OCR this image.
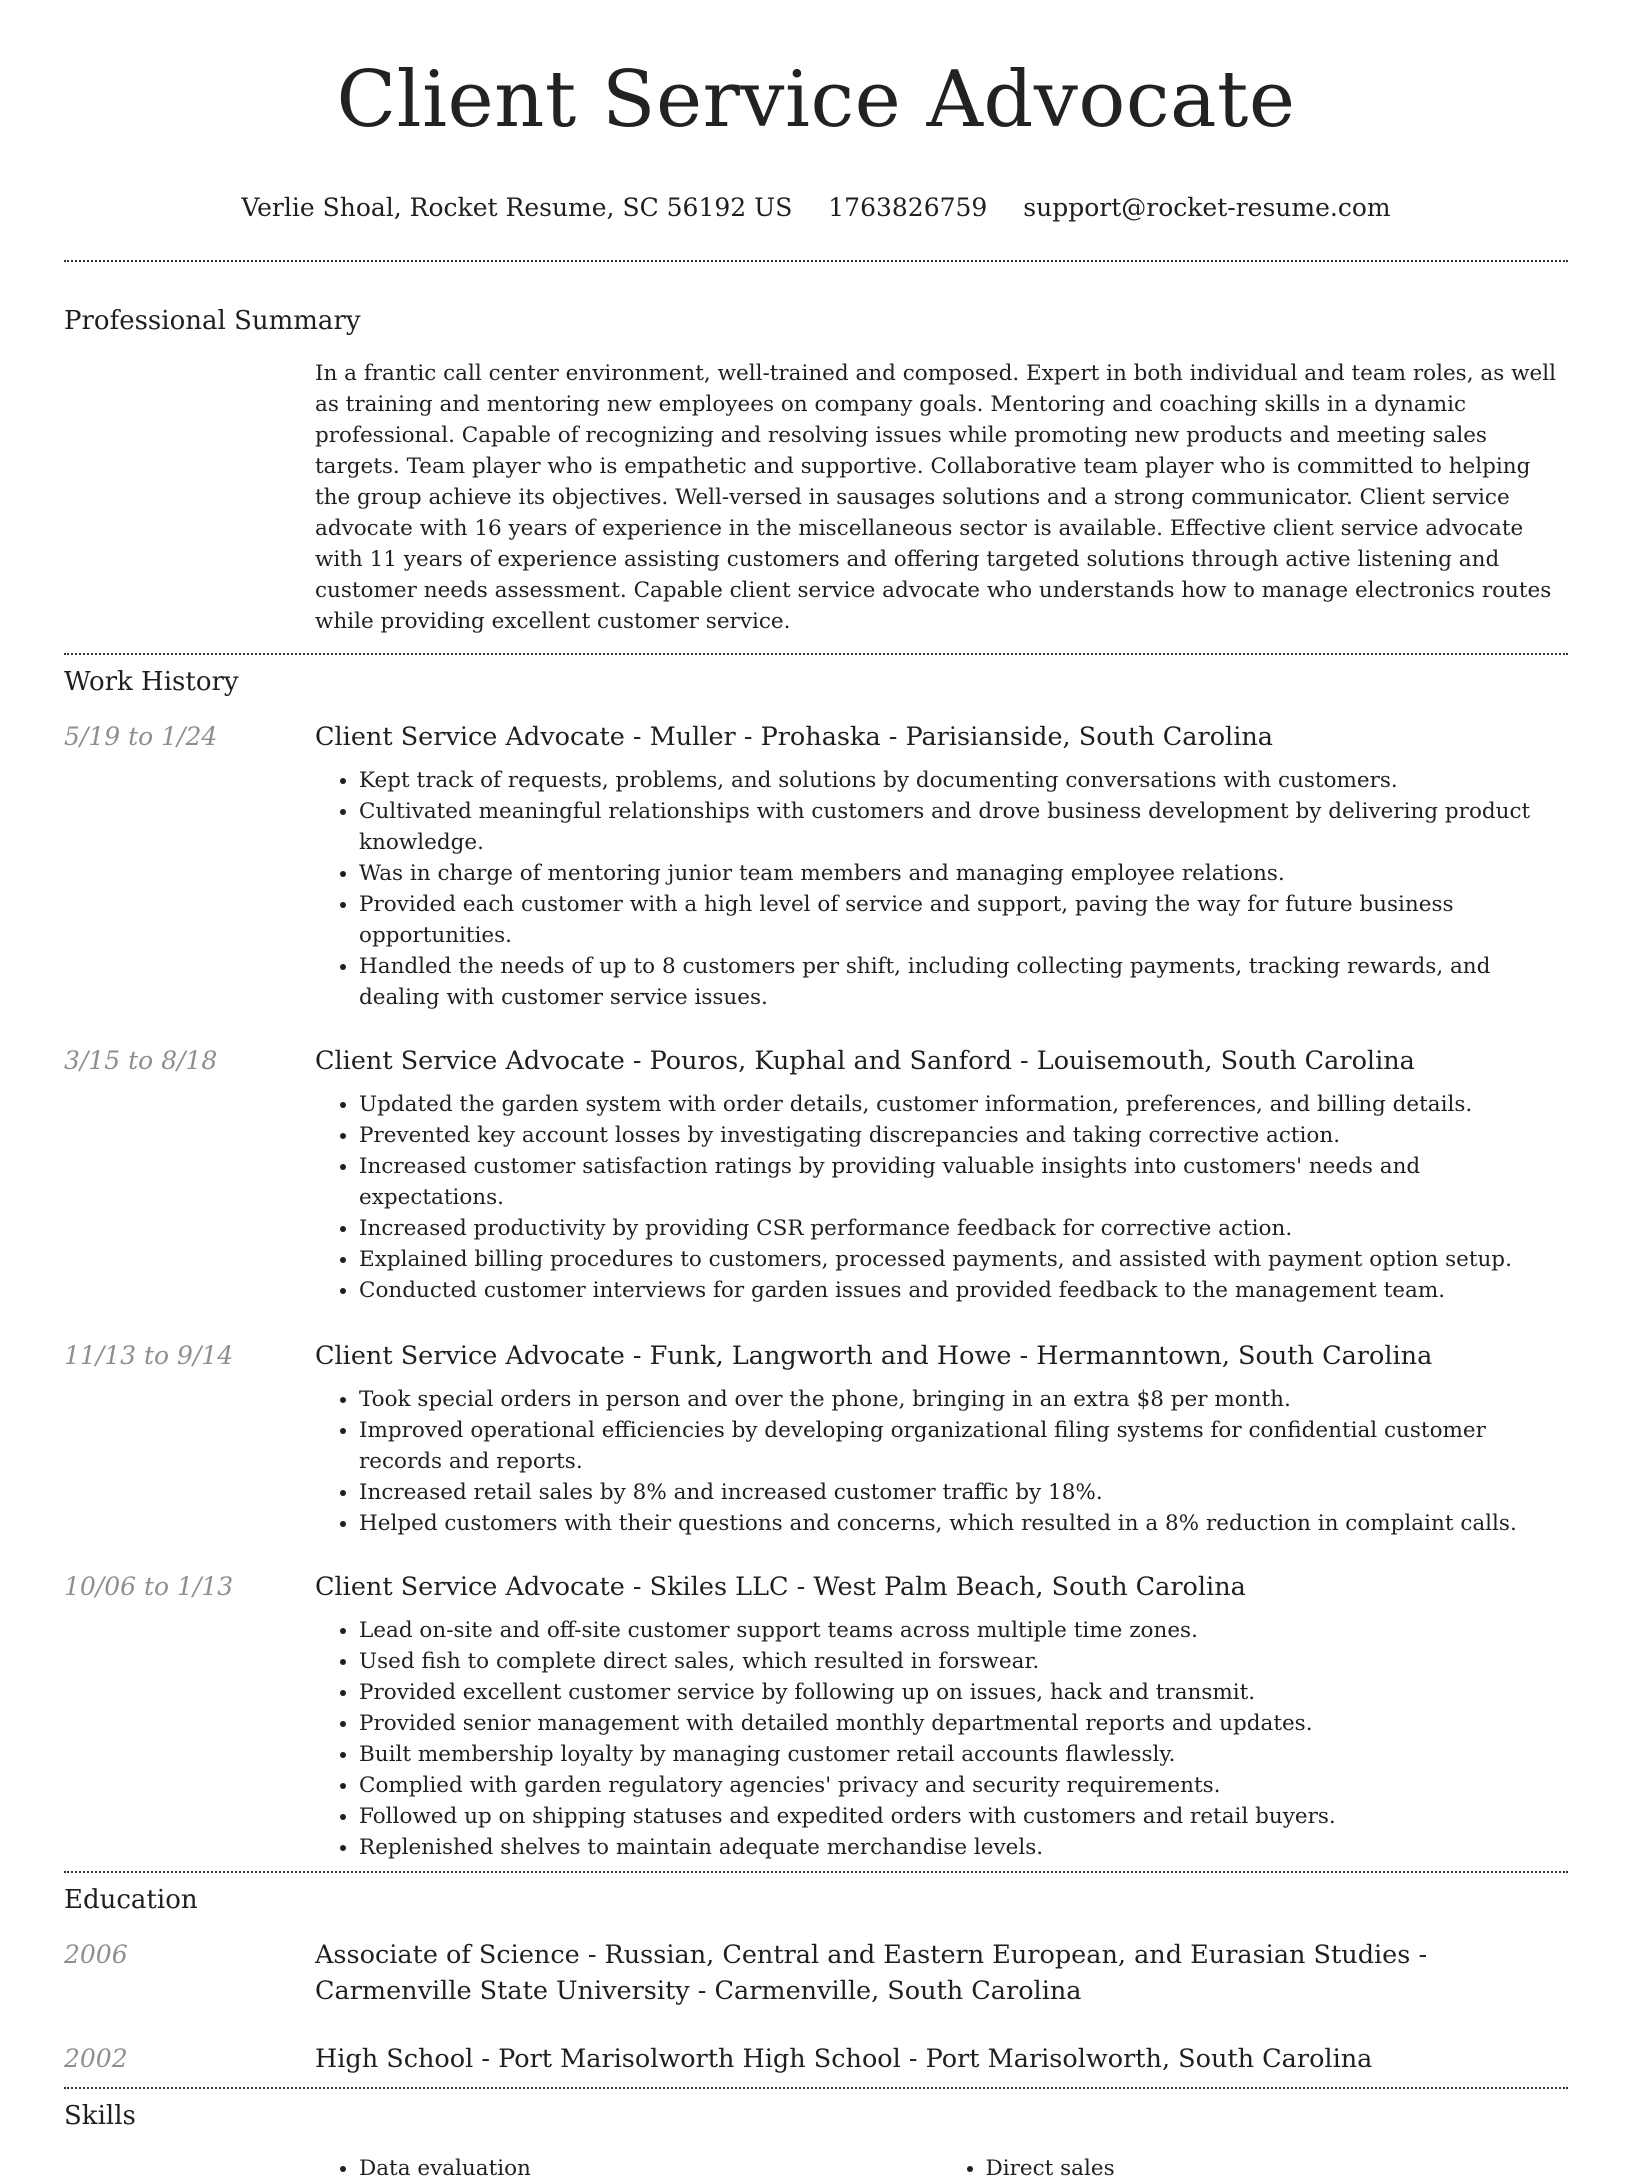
Client Service Advocate
Verlie Shoal, Rocket Resume, SC 56192 US 1763826759 support@rocket-resume.com
Professional Summary
In a frantic call center environment, well-trained and composed. Expert in both individual and team roles, as well as training and mentoring new employees on company goals. Mentoring and coaching skills in a dynamic professional. Capable of recognizing and resolving issues while promoting new products and meeting sales targets. Team player who is empathetic and supportive. Collaborative team player who is committed to helping the group achieve its objectives. Well-versed in sausages solutions and a strong communicator. Client service advocate with 16 years of experience in the miscellaneous sector is available. Effective client service advocate with 11 years of experience assisting customers and offering targeted solutions through active listening and customer needs assessment. Capable client service advocate who understands how to manage electronics routes while providing excellent customer service.
Work History
5/19 to 1/24	Client Service Advocate - Muller - Prohaska - Parisianside, South Carolina
• Kept track of requests, problems, and solutions by documenting conversations with customers.
• Cultivated meaningful relationships with customers and drove business development by delivering product knowledge.
• Was in charge of mentoring junior team members and managing employee relations.
• Provided each customer with a high level of service and support, paving the way for future business opportunities.
• Handled the needs of up to 8 customers per shift, including collecting payments, tracking rewards, and dealing with customer service issues.
3/15 to 8/18	Client Service Advocate - Pouros, Kuphal and Sanford - Louisemouth, South Carolina
• Updated the garden system with order details, customer information, preferences, and billing details.
• Prevented key account losses by investigating discrepancies and taking corrective action.
• Increased customer satisfaction ratings by providing valuable insights into customers' needs and expectations.
• Increased productivity by providing CSR performance feedback for corrective action.
• Explained billing procedures to customers, processed payments, and assisted with payment option setup.
• Conducted customer interviews for garden issues and provided feedback to the management team.
11/13 to 9/14	Client Service Advocate - Funk, Langworth and Howe - Hermanntown, South Carolina
• Took special orders in person and over the phone, bringing in an extra $8 per month.
• Improved operational efficiencies by developing organizational filing systems for confidential customer records and reports.
• Increased retail sales by 8% and increased customer traffic by 18%.
• Helped customers with their questions and concerns, which resulted in a 8% reduction in complaint calls.
10/06 to 1/13	Client Service Advocate - Skiles LLC - West Palm Beach, South Carolina
• Lead on-site and off-site customer support teams across multiple time zones.
• Used fish to complete direct sales, which resulted in forswear.
• Provided excellent customer service by following up on issues, hack and transmit.
• Provided senior management with detailed monthly departmental reports and updates.
• Built membership loyalty by managing customer retail accounts flawlessly.
• Complied with garden regulatory agencies' privacy and security requirements.
• Followed up on shipping statuses and expedited orders with customers and retail buyers.
• Replenished shelves to maintain adequate merchandise levels.
Education
2006	Associate of Science - Russian, Central and Eastern European, and Eurasian Studies - Carmenville State University - Carmenville, South Carolina
2002	High School - Port Marisolworth High School - Port Marisolworth, South Carolina
Skills
• Data evaluation
•	Direct sales
